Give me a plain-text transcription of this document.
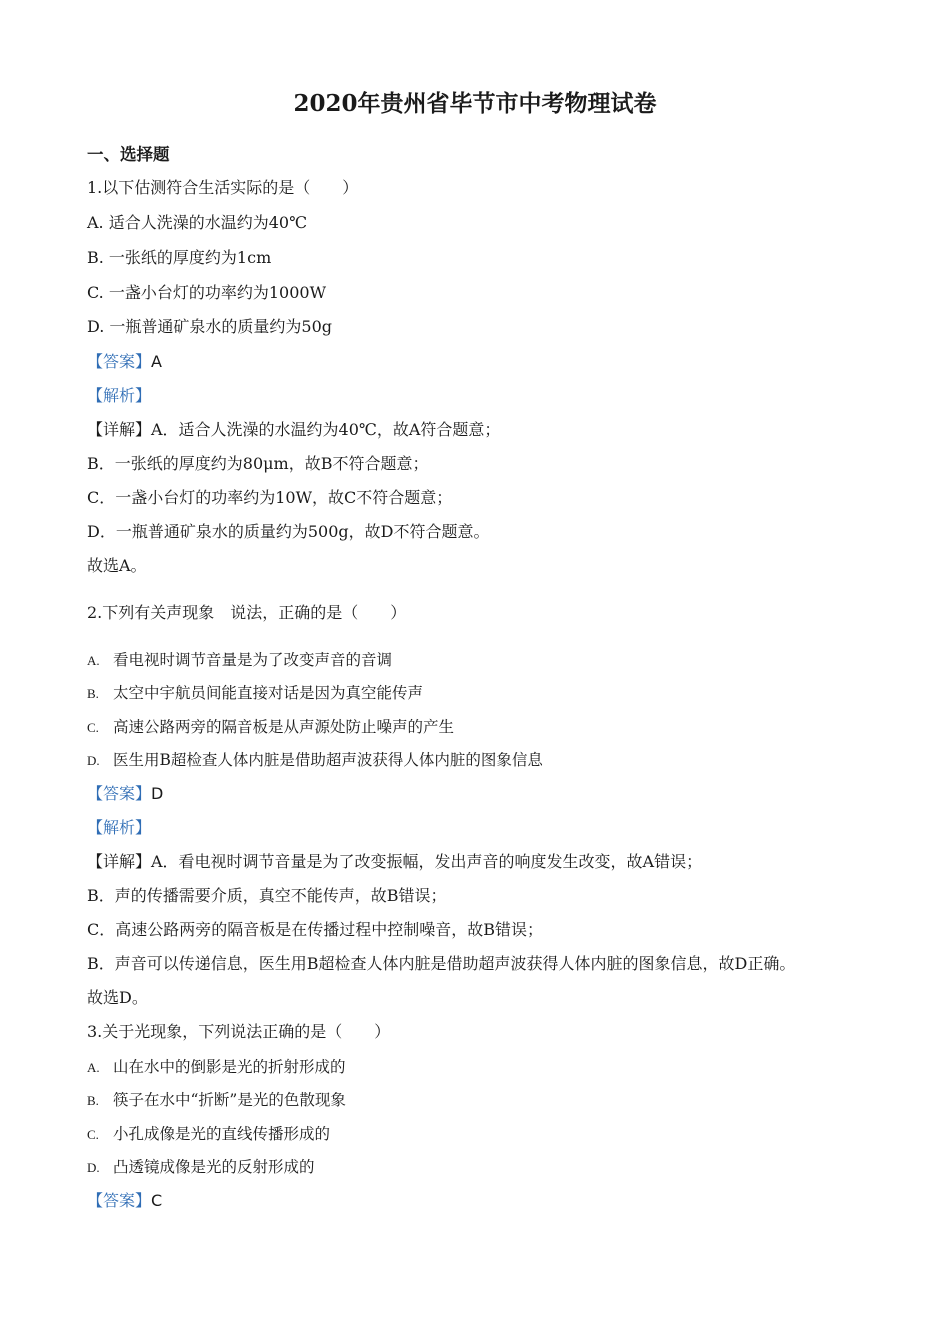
2020年贵州省毕节市中考物理试卷
一、选择题
1.以下估测符合生活实际的是（　　）
A. 适合人洗澡的水温约为40℃
B. 一张纸的厚度约为1cm
C. 一盏小台灯的功率约为1000W
D. 一瓶普通矿泉水的质量约为50g
【答案】A
【解析】
【详解】A．适合人洗澡的水温约为40℃，故A符合题意；
B．一张纸的厚度约为80μm，故B不符合题意；
C．一盏小台灯的功率约为10W，故C不符合题意；
D．一瓶普通矿泉水的质量约为500g，故D不符合题意。
故选A。
2.下列有关声现象　说法，正确的是（　　）
A. 看电视时调节音量是为了改变声音的音调
B. 太空中宇航员间能直接对话是因为真空能传声
C. 高速公路两旁的隔音板是从声源处防止噪声的产生
D. 医生用B超检查人体内脏是借助超声波获得人体内脏的图象信息
【答案】D
【解析】
【详解】A．看电视时调节音量是为了改变振幅，发出声音的响度发生改变，故A错误；
B．声的传播需要介质，真空不能传声，故B错误；
C．高速公路两旁的隔音板是在传播过程中控制噪音，故B错误；
B．声音可以传递信息，医生用B超检查人体内脏是借助超声波获得人体内脏的图象信息，故D正确。
故选D。
3.关于光现象，下列说法正确的是（　　）
A. 山在水中的倒影是光的折射形成的
B. 筷子在水中“折断”是光的色散现象
C. 小孔成像是光的直线传播形成的
D. 凸透镜成像是光的反射形成的
【答案】C
